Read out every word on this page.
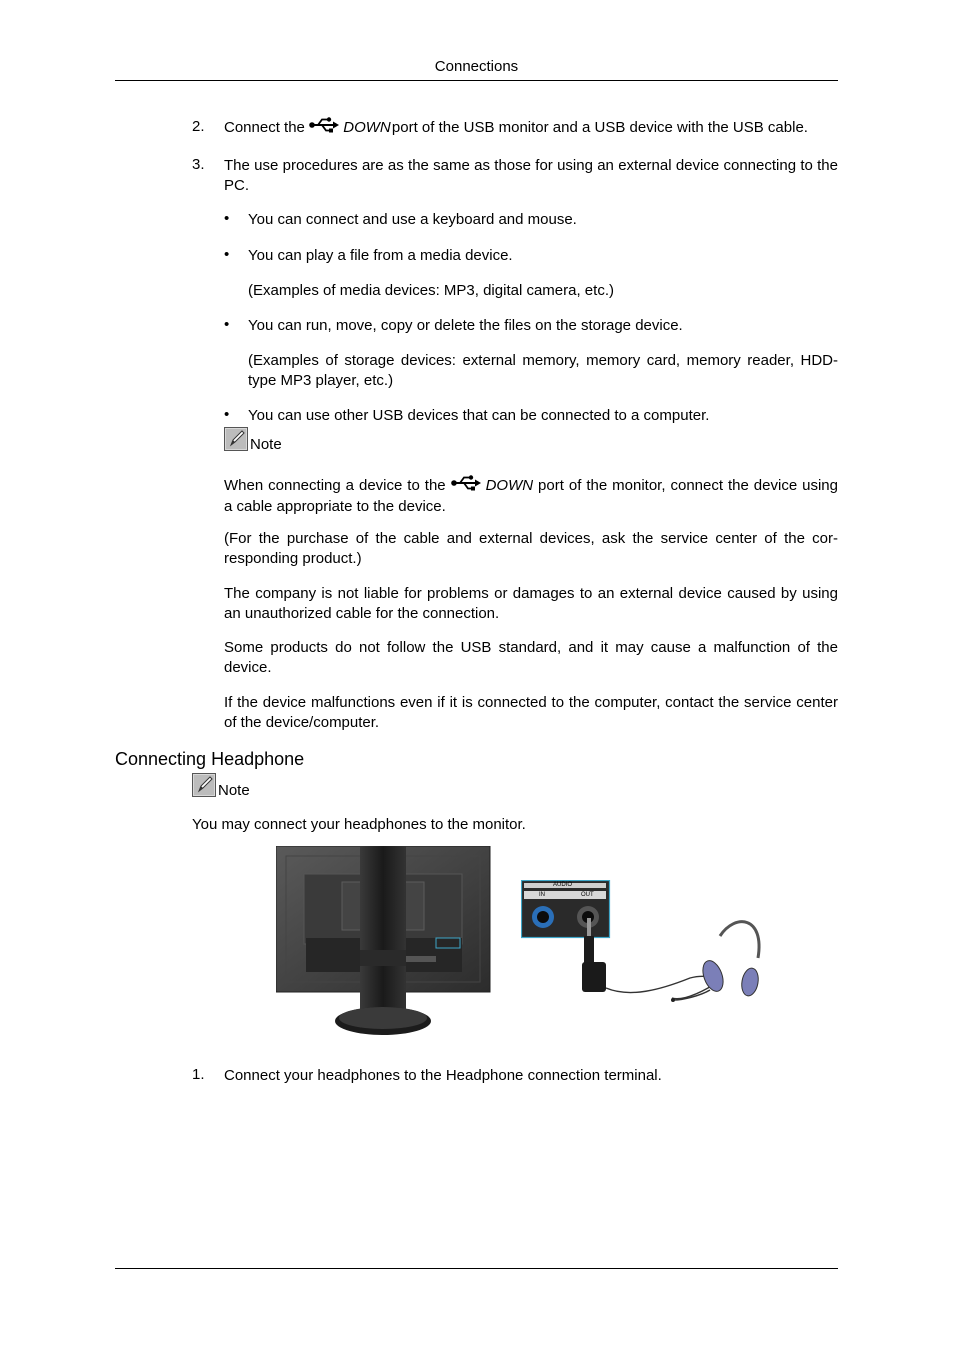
Connections
2. Connect the	DOWN port of the USB monitor and a USB device with the USB cable.
3. The use procedures are as the same as those for using an external device connecting to the PC.
• You can connect and use a keyboard and mouse.
• You can play a file from a media device.
(Examples of media devices: MP3, digital camera, etc.)
• You can run, move, copy or delete the files on the storage device.
(Examples of storage devices: external memory, memory card, memory reader, HDD-type MP3 player, etc.)
• You can use other USB devices that can be connected to a computer.
Note
When connecting a device to the	DOWN port of the monitor, connect the device using a cable appropriate to the device.
(For the purchase of the cable and external devices, ask the service center of the cor-responding product.)
The company is not liable for problems or damages to an external device caused by using an unauthorized cable for the connection.
Some products do not follow the USB standard, and it may cause a malfunction of the device.
If the device malfunctions even if it is connected to the computer, contact the service center of the device/computer.
Connecting Headphone
Note
You may connect your headphones to the monitor.
AUDIO
IN	OUT
1. Connect your headphones to the Headphone connection terminal.
